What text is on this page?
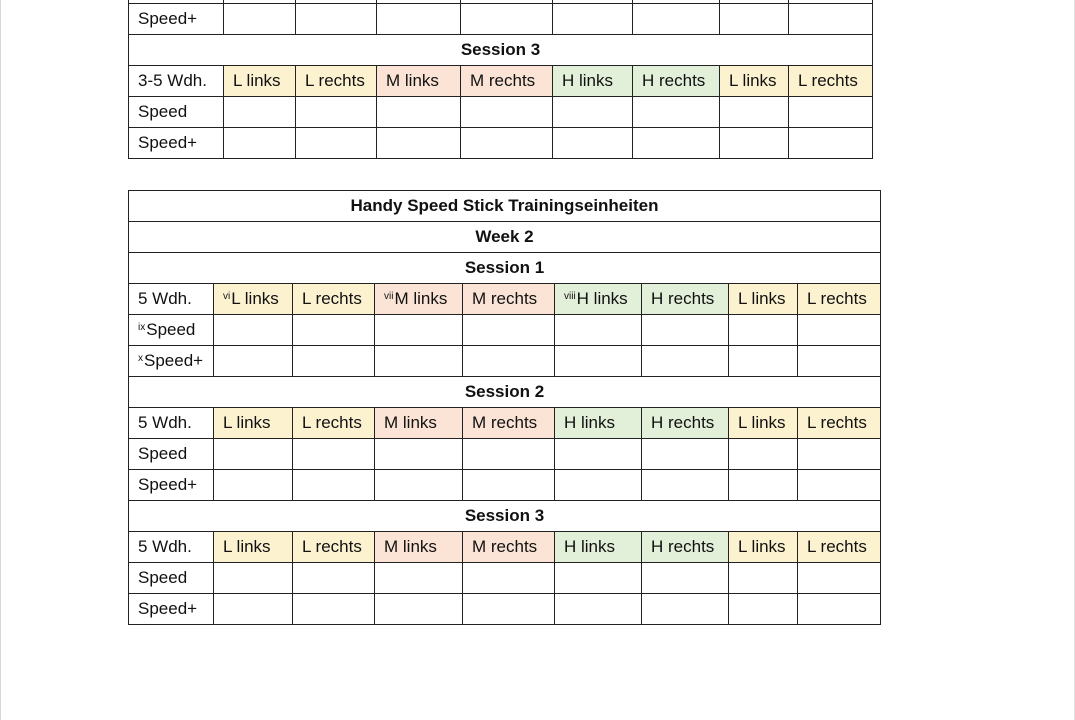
Speed+								
Session 3								
3-5 Wdh.	L links	L rechts	M links	M rechts	H links	H rechts	L links	L rechts
Speed								
Speed+								
Handy Speed Stick Trainingseinheiten								
Week 2								
Session 1								
5 Wdh.	$^{vi}$L links	L rechts	$^{vii}$M links	M rechts	$^{viii}$H links	H rechts	L links	L rechts
$^{ix}$Speed								
$^x$Speed+								
Session 2								
5 Wdh.	L links	L rechts	M links	M rechts	H links	H rechts	L links	L rechts
Speed								
Speed+								
Session 3								
5 Wdh.	L links	L rechts	M links	M rechts	H links	H rechts	L links	L rechts
Speed								
Speed+								
